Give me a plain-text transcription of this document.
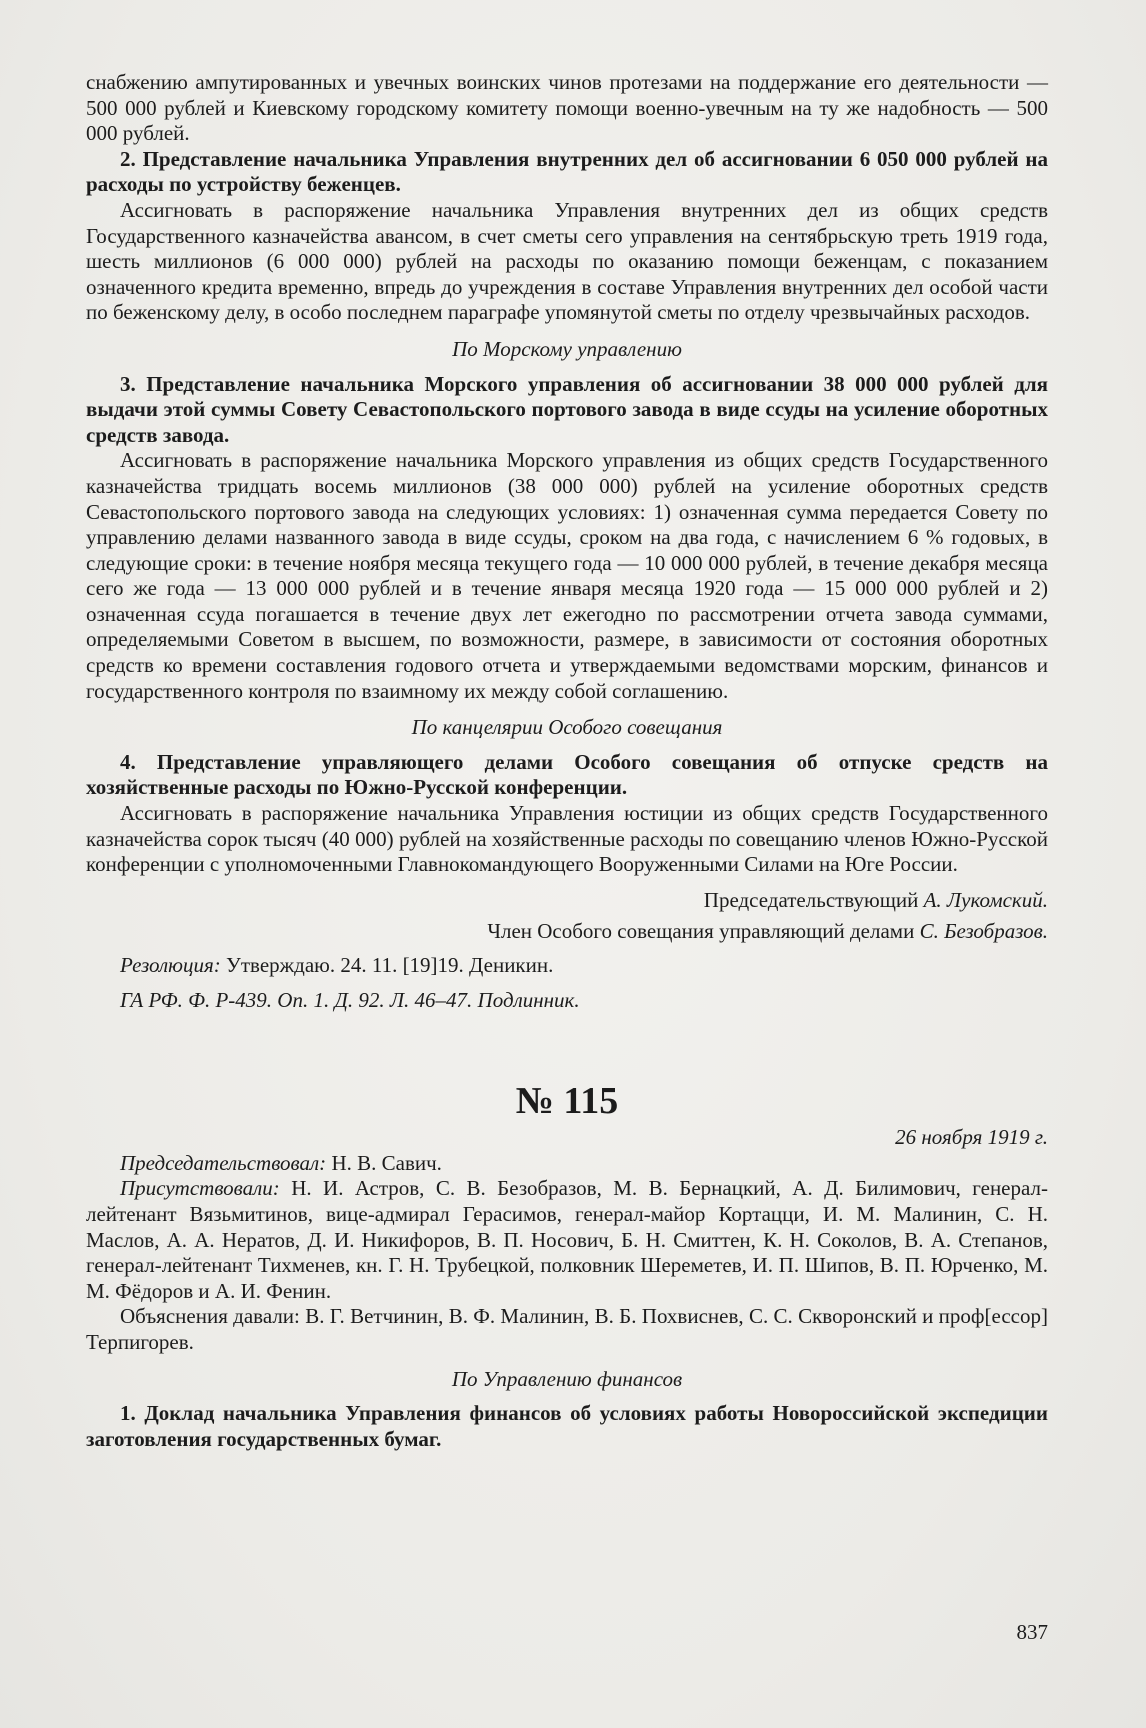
снабжению ампутированных и увечных воинских чинов протезами на поддержание его деятельности — 500 000 рублей и Киевскому городскому комитету помощи военно-увечным на ту же надобность — 500 000 рублей.

2. Представление начальника Управления внутренних дел об ассигновании 6 050 000 рублей на расходы по устройству беженцев.

Ассигновать в распоряжение начальника Управления внутренних дел из общих средств Государственного казначейства авансом, в счет сметы сего управления на сентябрьскую треть 1919 года, шесть миллионов (6 000 000) рублей на расходы по оказанию помощи беженцам, с показанием означенного кредита временно, впредь до учреждения в составе Управления внутренних дел особой части по беженскому делу, в особо последнем параграфе упомянутой сметы по отделу чрезвычайных расходов.

По Морскому управлению

3. Представление начальника Морского управления об ассигновании 38 000 000 рублей для выдачи этой суммы Совету Севастопольского портового завода в виде ссуды на усиление оборотных средств завода.

Ассигновать в распоряжение начальника Морского управления из общих средств Государственного казначейства тридцать восемь миллионов (38 000 000) рублей на усиление оборотных средств Севастопольского портового завода на следующих условиях: 1) означенная сумма передается Совету по управлению делами названного завода в виде ссуды, сроком на два года, с начислением 6 % годовых, в следующие сроки: в течение ноября месяца текущего года — 10 000 000 рублей, в течение декабря месяца сего же года — 13 000 000 рублей и в течение января месяца 1920 года — 15 000 000 рублей и 2) означенная ссуда погашается в течение двух лет ежегодно по рассмотрении отчета завода суммами, определяемыми Советом в высшем, по возможности, размере, в зависимости от состояния оборотных средств ко времени составления годового отчета и утверждаемыми ведомствами морским, финансов и государственного контроля по взаимному их между собой соглашению.

По канцелярии Особого совещания

4. Представление управляющего делами Особого совещания об отпуске средств на хозяйственные расходы по Южно-Русской конференции.

Ассигновать в распоряжение начальника Управления юстиции из общих средств Государственного казначейства сорок тысяч (40 000) рублей на хозяйственные расходы по совещанию членов Южно-Русской конференции с уполномоченными Главнокомандующего Вооруженными Силами на Юге России.

Председательствующий А. Лукомский.

Член Особого совещания управляющий делами С. Безобразов.

Резолюция: Утверждаю. 24. 11. [19]19. Деникин.

ГА РФ. Ф. Р-439. Оп. 1. Д. 92. Л. 46–47. Подлинник.

№ 115

26 ноября 1919 г.

Председательствовал: Н. В. Савич.

Присутствовали: Н. И. Астров, С. В. Безобразов, М. В. Бернацкий, А. Д. Билимович, генерал-лейтенант Вязьмитинов, вице-адмирал Герасимов, генерал-майор Кортацци, И. М. Малинин, С. Н. Маслов, А. А. Нератов, Д. И. Никифоров, В. П. Носович, Б. Н. Смиттен, К. Н. Соколов, В. А. Степанов, генерал-лейтенант Тихменев, кн. Г. Н. Трубецкой, полковник Шереметев, И. П. Шипов, В. П. Юрченко, М. М. Фёдоров и А. И. Фенин.

Объяснения давали: В. Г. Ветчинин, В. Ф. Малинин, В. Б. Похвиснев, С. С. Скворонский и проф[ессор] Терпигорев.

По Управлению финансов

1. Доклад начальника Управления финансов об условиях работы Новороссийской экспедиции заготовления государственных бумаг.

837
